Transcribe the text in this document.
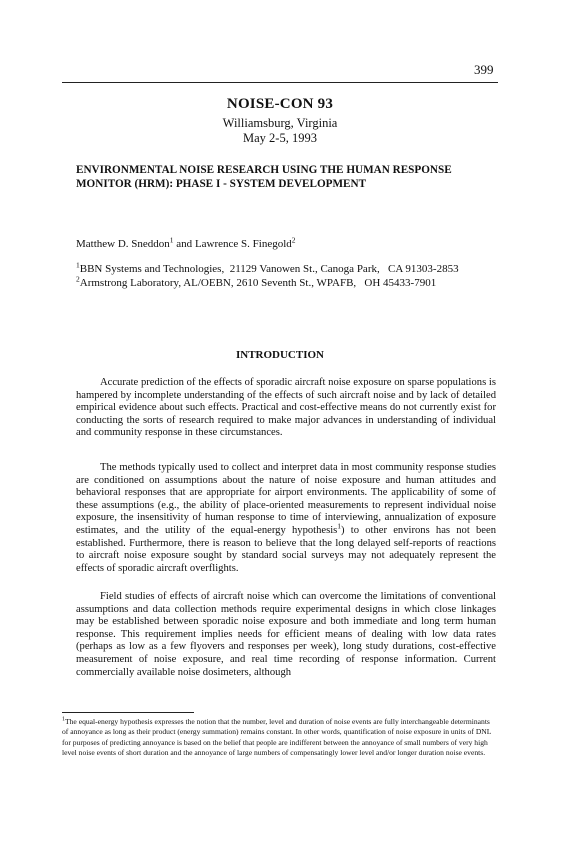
399
NOISE-CON 93
Williamsburg, Virginia
May 2-5, 1993
ENVIRONMENTAL NOISE RESEARCH USING THE HUMAN RESPONSE
MONITOR (HRM): PHASE I - SYSTEM DEVELOPMENT
Matthew D. Sneddon$^1$ and Lawrence S. Finegold$^2$
$^1$BBN Systems and Technologies,  21129 Vanowen St., Canoga Park,   CA 91303-2853
$^2$Armstrong Laboratory, AL/OEBN, 2610 Seventh St., WPAFB,   OH 45433-7901
INTRODUCTION

Accurate prediction of the effects of sporadic aircraft noise exposure on sparse populations is hampered by incomplete understanding of the effects of such aircraft noise and by lack of detailed empirical evidence about such effects. Practical and cost-effective means do not currently exist for conducting the sorts of research required to make major advances in understanding of individual and community response in these circumstances.

The methods typically used to collect and interpret data in most community response studies are conditioned on assumptions about the nature of noise exposure and human attitudes and behavioral responses that are appropriate for airport environments. The applicability of some of these assumptions (e.g., the ability of place-oriented measurements to represent individual noise exposure, the insensitivity of human response to time of interviewing, annualization of exposure estimates, and the utility of the equal-energy hypothesis$^1$) to other environs has not been established. Furthermore, there is reason to believe that the long delayed self-reports of reactions to aircraft noise exposure sought by standard social surveys may not adequately represent the effects of sporadic aircraft overflights.

Field studies of effects of aircraft noise which can overcome the limitations of conventional assumptions and data collection methods require experimental designs in which close linkages may be established between sporadic noise exposure and both immediate and long term human response. This requirement implies needs for efficient means of dealing with low data rates (perhaps as low as a few flyovers and responses per week), long study durations, cost-effective measurement of noise exposure, and real time recording of response information. Current commercially available noise dosimeters, although

$^1$The equal-energy hypothesis expresses the notion that the number, level and duration of noise events are fully interchangeable determinants of annoyance as long as their product (energy summation) remains constant. In other words, quantification of noise exposure in units of DNL for purposes of predicting annoyance is based on the belief that people are indifferent between the annoyance of small numbers of very high level noise events of short duration and the annoyance of large numbers of compensatingly lower level and/or longer duration noise events.
